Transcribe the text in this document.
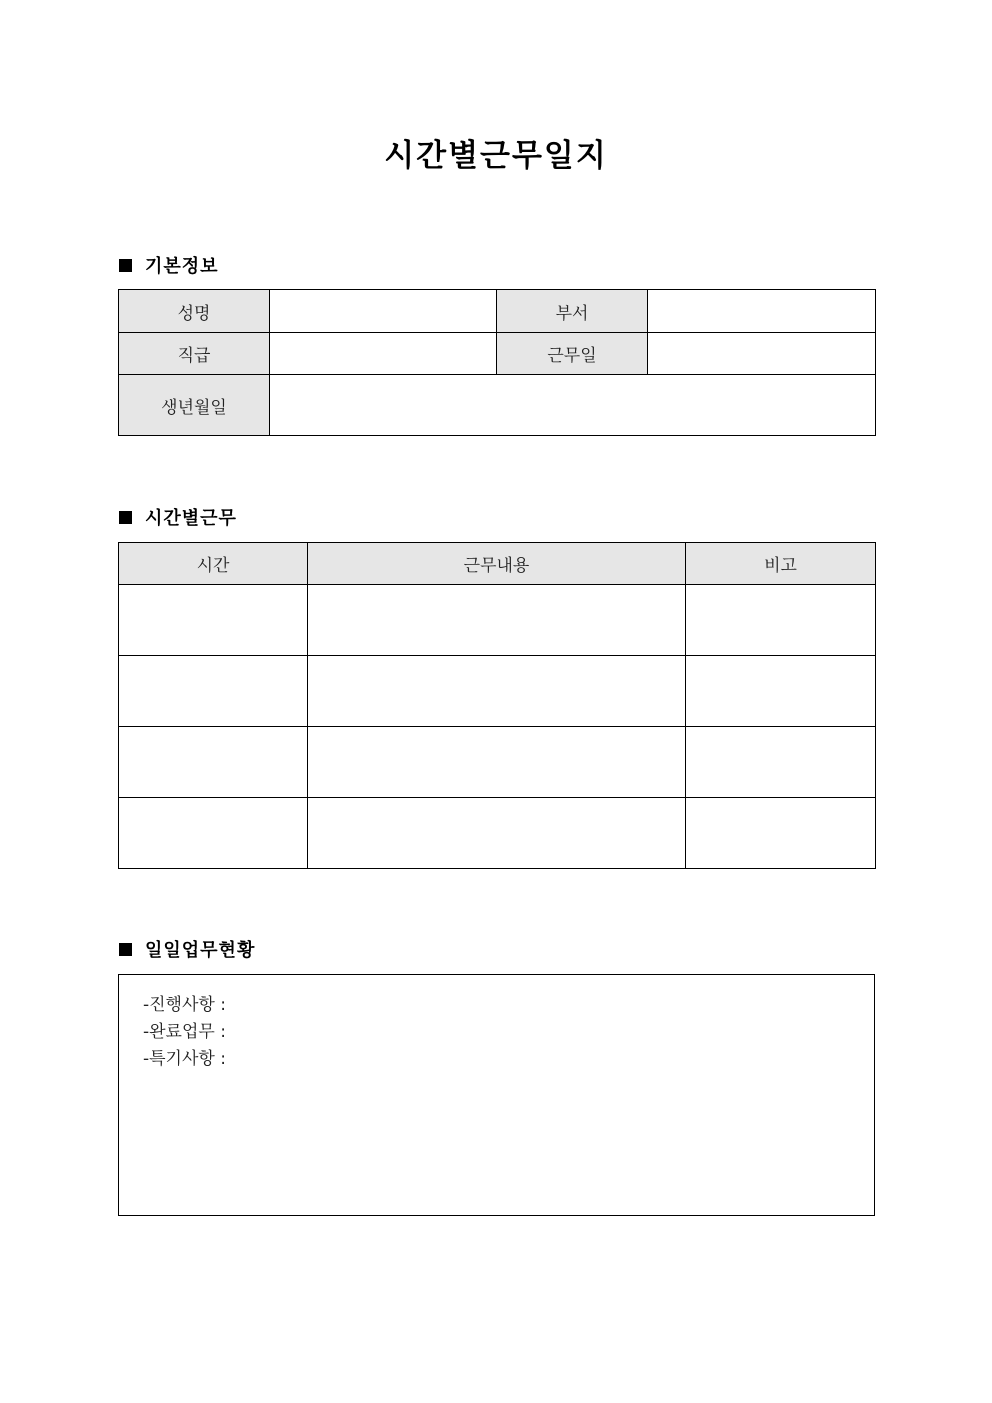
시간별근무일지
기본정보
성명		부서	
직급		근무일	
생년월일			
시간별근무
시간	근무내용	비고

일일업무현황
-진행사항 :
-완료업무 :
-특기사항 :
